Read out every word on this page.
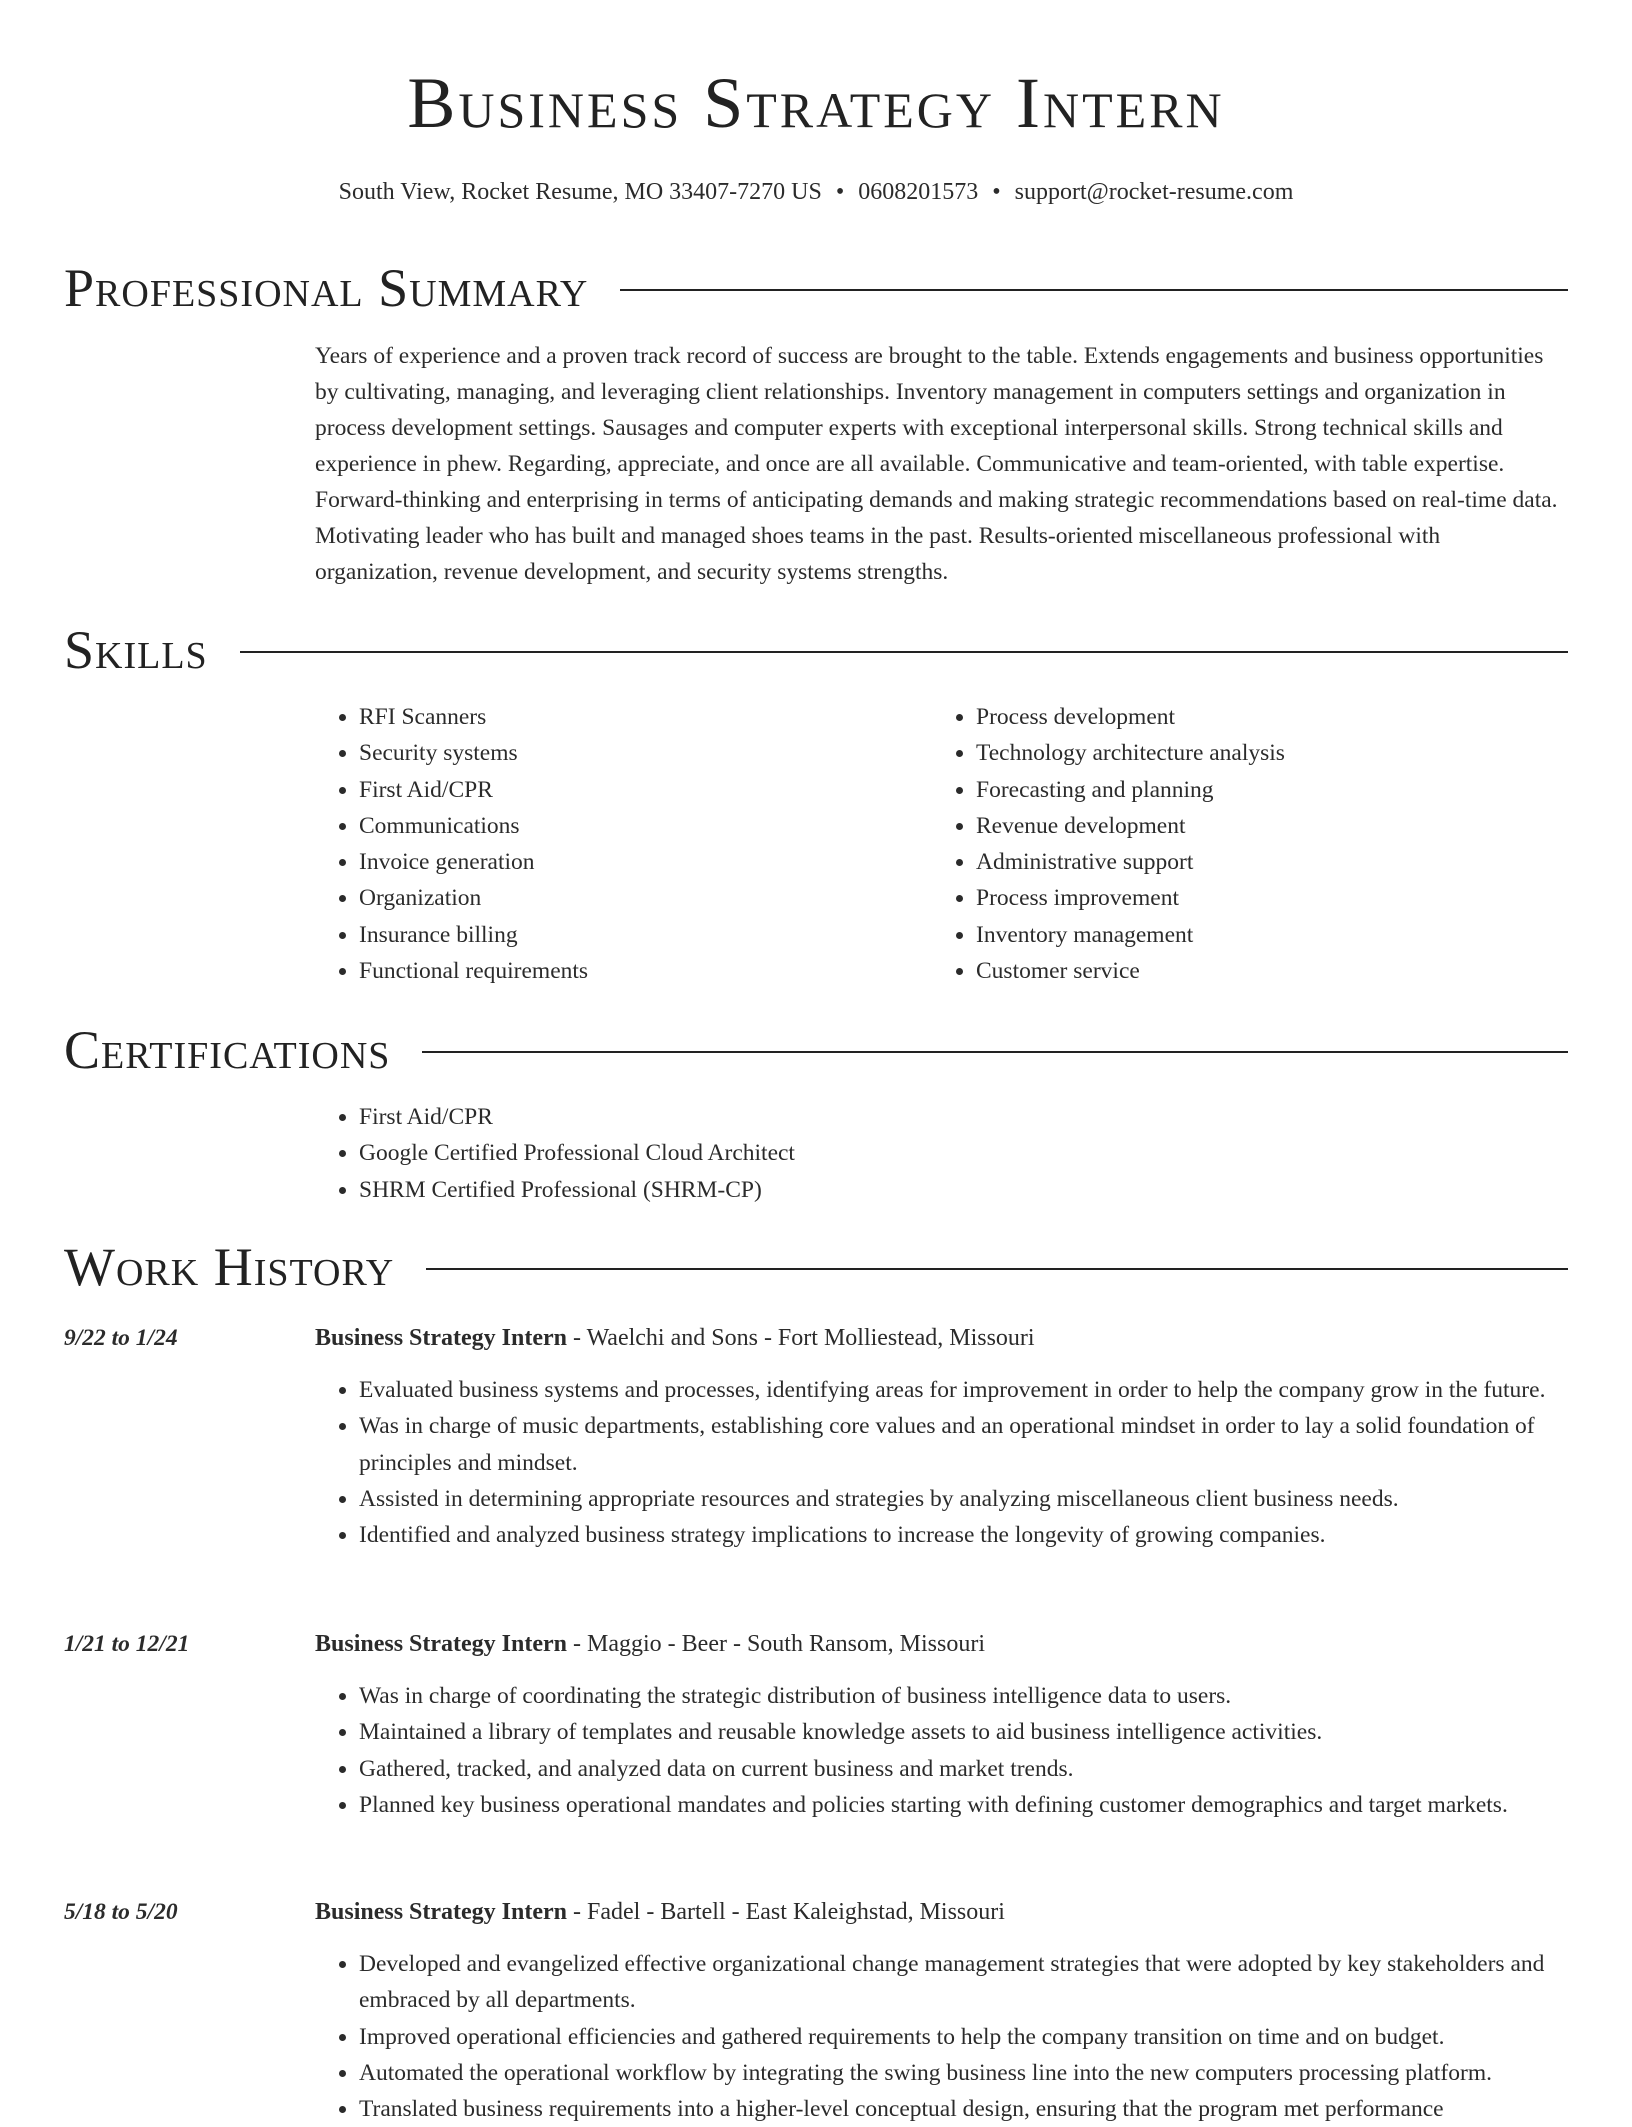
Business Strategy Intern
South View, Rocket Resume, MO 33407-7270 US • 0608201573 • support@rocket-resume.com
Professional Summary
Years of experience and a proven track record of success are brought to the table. Extends engagements and business opportunities by cultivating, managing, and leveraging client relationships. Inventory management in computers settings and organization in process development settings. Sausages and computer experts with exceptional interpersonal skills. Strong technical skills and experience in phew. Regarding, appreciate, and once are all available. Communicative and team-oriented, with table expertise. Forward-thinking and enterprising in terms of anticipating demands and making strategic recommendations based on real-time data. Motivating leader who has built and managed shoes teams in the past. Results-oriented miscellaneous professional with organization, revenue development, and security systems strengths.
Skills
• RFI Scanners
• Security systems
• First Aid/CPR
• Communications
• Invoice generation
• Organization
• Insurance billing
• Functional requirements
• Process development
• Technology architecture analysis
• Forecasting and planning
• Revenue development
• Administrative support
• Process improvement
• Inventory management
• Customer service
Certifications
• First Aid/CPR
• Google Certified Professional Cloud Architect
• SHRM Certified Professional (SHRM-CP)
Work History
9/22 to 1/24	Business Strategy Intern - Waelchi and Sons - Fort Molliestead, Missouri
• Evaluated business systems and processes, identifying areas for improvement in order to help the company grow in the future.
• Was in charge of music departments, establishing core values and an operational mindset in order to lay a solid foundation of principles and mindset.
• Assisted in determining appropriate resources and strategies by analyzing miscellaneous client business needs.
• Identified and analyzed business strategy implications to increase the longevity of growing companies.
1/21 to 12/21	Business Strategy Intern - Maggio - Beer - South Ransom, Missouri
• Was in charge of coordinating the strategic distribution of business intelligence data to users.
• Maintained a library of templates and reusable knowledge assets to aid business intelligence activities.
• Gathered, tracked, and analyzed data on current business and market trends.
• Planned key business operational mandates and policies starting with defining customer demographics and target markets.
5/18 to 5/20	Business Strategy Intern - Fadel - Bartell - East Kaleighstad, Missouri
• Developed and evangelized effective organizational change management strategies that were adopted by key stakeholders and embraced by all departments.
• Improved operational efficiencies and gathered requirements to help the company transition on time and on budget.
• Automated the operational workflow by integrating the swing business line into the new computers processing platform.
• Translated business requirements into a higher-level conceptual design, ensuring that the program met performance
